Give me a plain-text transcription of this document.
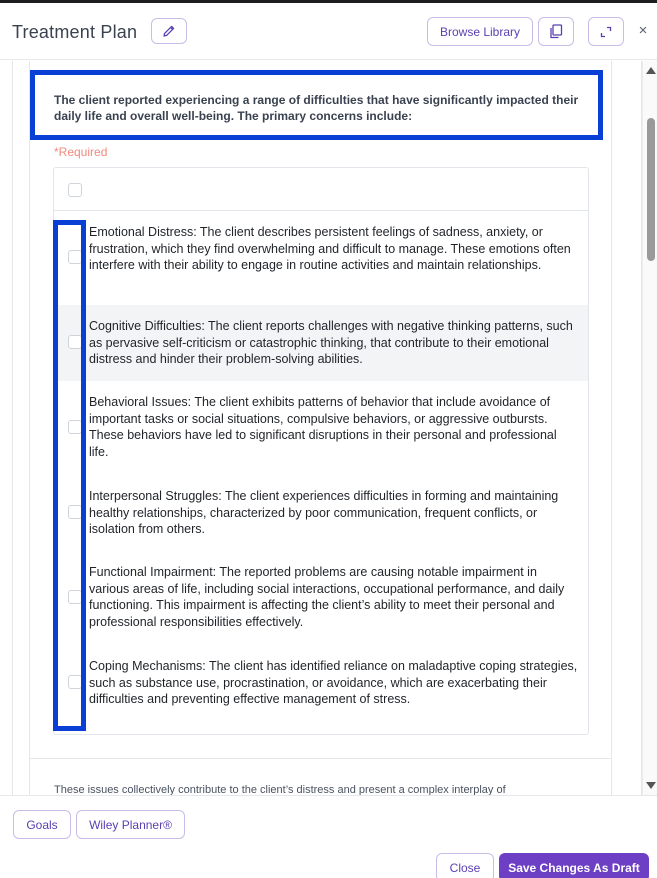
Treatment Plan	Browse Library	×
The client reported experiencing a range of difficulties that have significantly impacted their daily life and overall well-being. The primary concerns include:
*Required
Emotional Distress: The client describes persistent feelings of sadness, anxiety, or frustration, which they find overwhelming and difficult to manage. These emotions often interfere with their ability to engage in routine activities and maintain relationships.
Cognitive Difficulties: The client reports challenges with negative thinking patterns, such as pervasive self-criticism or catastrophic thinking, that contribute to their emotional distress and hinder their problem-solving abilities.
Behavioral Issues: The client exhibits patterns of behavior that include avoidance of important tasks or social situations, compulsive behaviors, or aggressive outbursts. These behaviors have led to significant disruptions in their personal and professional life.
Interpersonal Struggles: The client experiences difficulties in forming and maintaining healthy relationships, characterized by poor communication, frequent conflicts, or isolation from others.
Functional Impairment: The reported problems are causing notable impairment in various areas of life, including social interactions, occupational performance, and daily functioning. This impairment is affecting the client’s ability to meet their personal and professional responsibilities effectively.
Coping Mechanisms: The client has identified reliance on maladaptive coping strategies, such as substance use, procrastination, or avoidance, which are exacerbating their difficulties and preventing effective management of stress.
These issues collectively contribute to the client’s distress and present a complex interplay of
Goals	Wiley Planner®
Close	Save Changes As Draft
